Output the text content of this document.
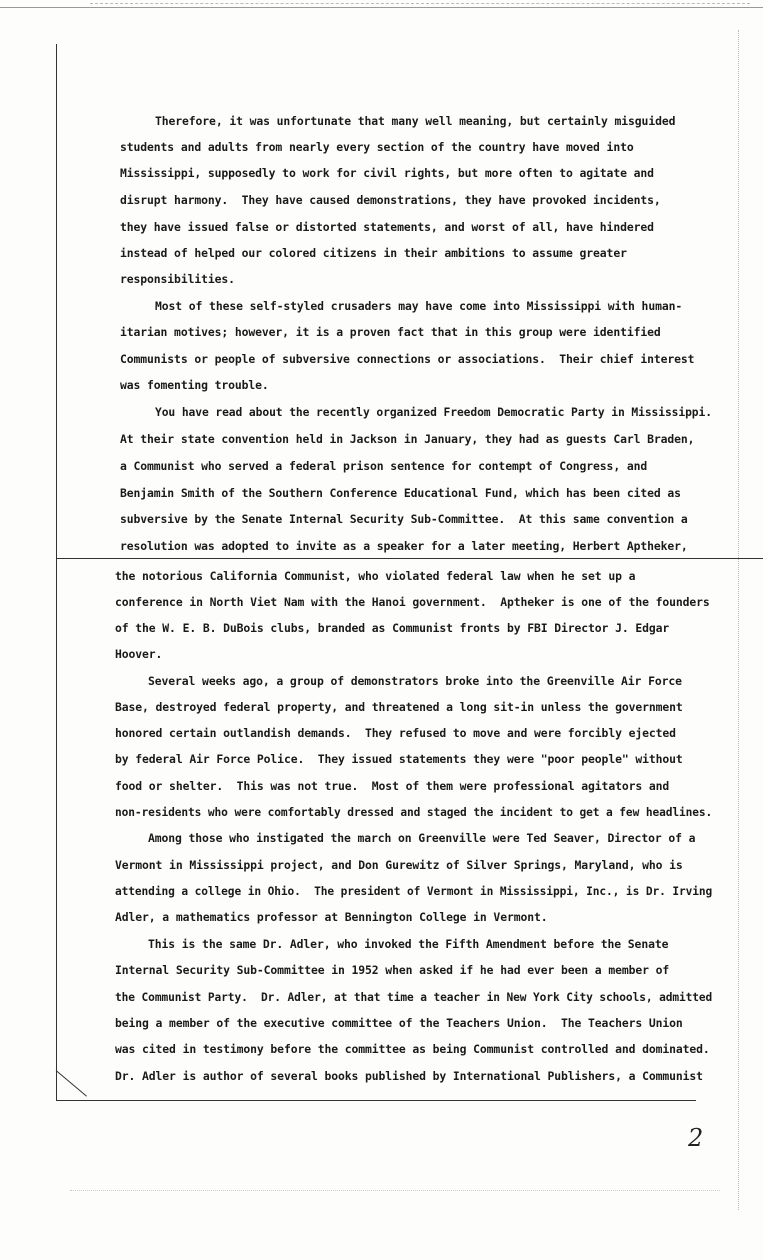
Therefore, it was unfortunate that many well meaning, but certainly misguided
students and adults from nearly every section of the country have moved into
Mississippi, supposedly to work for civil rights, but more often to agitate and
disrupt harmony.  They have caused demonstrations, they have provoked incidents,
they have issued false or distorted statements, and worst of all, have hindered
instead of helped our colored citizens in their ambitions to assume greater
responsibilities.
Most of these self-styled crusaders may have come into Mississippi with human-
itarian motives; however, it is a proven fact that in this group were identified
Communists or people of subversive connections or associations.  Their chief interest
was fomenting trouble.
You have read about the recently organized Freedom Democratic Party in Mississippi.
At their state convention held in Jackson in January, they had as guests Carl Braden,
a Communist who served a federal prison sentence for contempt of Congress, and
Benjamin Smith of the Southern Conference Educational Fund, which has been cited as
subversive by the Senate Internal Security Sub-Committee.  At this same convention a
resolution was adopted to invite as a speaker for a later meeting, Herbert Aptheker,
the notorious California Communist, who violated federal law when he set up a
conference in North Viet Nam with the Hanoi government.  Aptheker is one of the founders
of the W. E. B. DuBois clubs, branded as Communist fronts by FBI Director J. Edgar
Hoover.
Several weeks ago, a group of demonstrators broke into the Greenville Air Force
Base, destroyed federal property, and threatened a long sit-in unless the government
honored certain outlandish demands.  They refused to move and were forcibly ejected
by federal Air Force Police.  They issued statements they were "poor people" without
food or shelter.  This was not true.  Most of them were professional agitators and
non-residents who were comfortably dressed and staged the incident to get a few headlines.
Among those who instigated the march on Greenville were Ted Seaver, Director of a
Vermont in Mississippi project, and Don Gurewitz of Silver Springs, Maryland, who is
attending a college in Ohio.  The president of Vermont in Mississippi, Inc., is Dr. Irving
Adler, a mathematics professor at Bennington College in Vermont.
This is the same Dr. Adler, who invoked the Fifth Amendment before the Senate
Internal Security Sub-Committee in 1952 when asked if he had ever been a member of
the Communist Party.  Dr. Adler, at that time a teacher in New York City schools, admitted
being a member of the executive committee of the Teachers Union.  The Teachers Union
was cited in testimony before the committee as being Communist controlled and dominated.
Dr. Adler is author of several books published by International Publishers, a Communist
2
